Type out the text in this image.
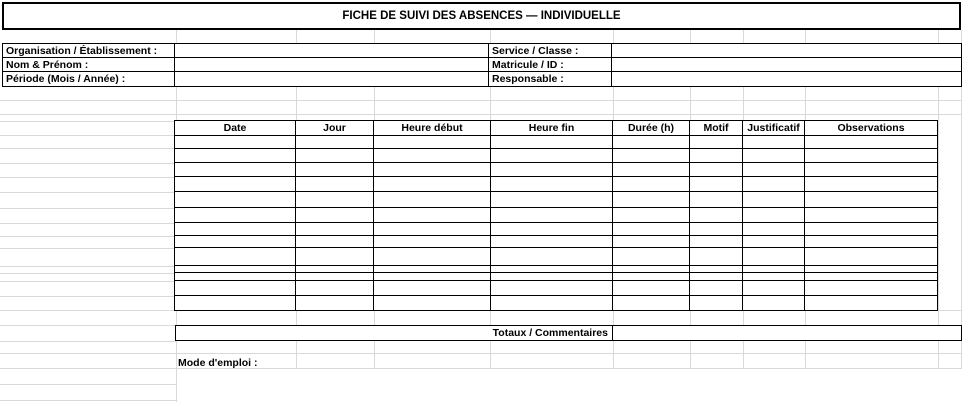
FICHE DE SUIVI DES ABSENCES — INDIVIDUELLE
Organisation / Établissement :	Service / Classe :
Nom & Prénom :	Matricule / ID :
Période (Mois / Année) :	Responsable :
Date	Jour	Heure début	Heure fin	Durée (h)	Motif	Justificatif	Observations

Totaux / Commentaires
Mode d'emploi :
